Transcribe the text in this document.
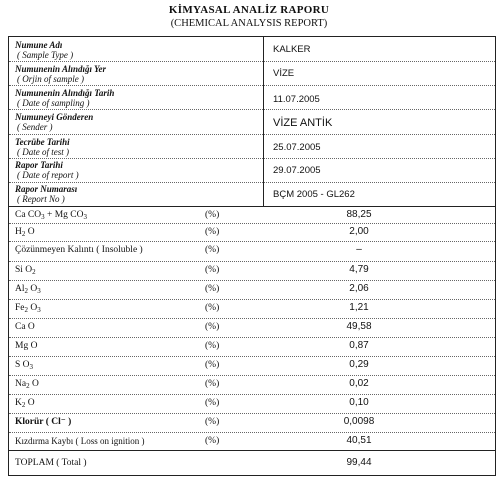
KİMYASAL ANALİZ RAPORU
(CHEMICAL ANALYSIS REPORT)
Numune Adı
( Sample Type )	KALKER
Numunenin Alındığı Yer
( Orjin of sample )	VİZE
Numunenin Alındığı Tarih
( Date of sampling )	11.07.2005
Numuneyi Gönderen
( Sender )	VİZE ANTİK
Tecrübe Tarihi
( Date of test )	25.07.2005
Rapor Tarihi
( Date of report )	29.07.2005
Rapor Numarası
( Report No )	BÇM 2005 - GL262
Ca $CO_3 + Mg$ $CO_3$	(%)	88,25
$H_2$ O	(%)	2,00
Çözünmeyen Kalıntı ( Insoluble )	(%)	–
Si $O_2$	(%)	4,79
$Al_2$ $O_3$	(%)	2,06
$Fe_2$ $O_3$	(%)	1,21
Ca O	(%)	49,58
Mg O	(%)	0,87
S $O_3$	(%)	0,29
$Na_2$ O	(%)	0,02
$K_2$ O	(%)	0,10
Klorür ( Cl⁻ )	(%)	0,0098
Kızdırma Kaybı ( Loss on ignition )	(%)	40,51
TOPLAM ( Total )	99,44
